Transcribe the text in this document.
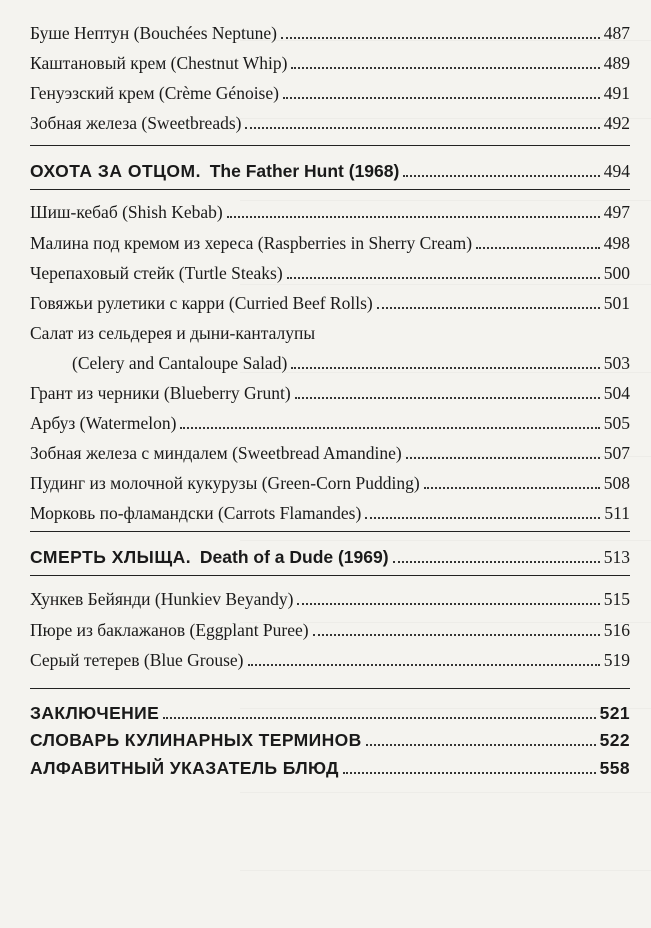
Буше Нептун (Bouchées Neptune)	487
Каштановый крем (Chestnut Whip)	489
Генуэзский крем (Crème Génoise)	491
Зобная железа (Sweetbreads)	492
ОХОТА ЗА ОТЦОМ. The Father Hunt (1968)	494
Шиш-кебаб (Shish Kebab)	497
Малина под кремом из хереса (Raspberries in Sherry Cream)	498
Черепаховый стейк (Turtle Steaks)	500
Говяжьи рулетики с карри (Curried Beef Rolls)	501
Салат из сельдерея и дыни-канталупы
(Celery and Cantaloupe Salad)	503
Грант из черники (Blueberry Grunt)	504
Арбуз (Watermelon)	505
Зобная железа с миндалем (Sweetbread Amandine)	507
Пудинг из молочной кукурузы (Green-Corn Pudding)	508
Морковь по-фламандски (Carrots Flamandes)	511
СМЕРТЬ ХЛЫЩА. Death of a Dude (1969)	513
Хункев Бейянди (Hunkiev Beyandy)	515
Пюре из баклажанов (Eggplant Puree)	516
Серый тетерев (Blue Grouse)	519
ЗАКЛЮЧЕНИЕ	521
СЛОВАРЬ КУЛИНАРНЫХ ТЕРМИНОВ	522
АЛФАВИТНЫЙ УКАЗАТЕЛЬ БЛЮД	558
